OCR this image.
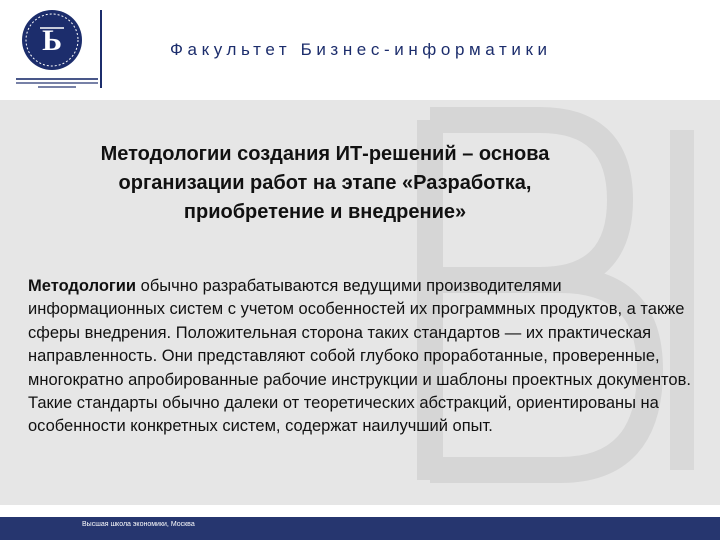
Ь	Факультет Бизнес-информатики
Методологии создания ИТ-решений – основа организации работ на этапе «Разработка, приобретение и внедрение»

Методологии обычно разрабатываются ведущими производителями информационных систем с учетом особенностей их программных продуктов, а также сферы внедрения. Положительная сторона таких стандартов — их практическая направленность. Они представляют собой глубоко проработанные, проверенные, многократно апробированные рабочие инструкции и шаблоны проектных документов. Такие стандарты обычно далеки от теоретических абстракций, ориентированы на особенности конкретных систем, содержат наилучший опыт.

Высшая школа экономики, Москва
